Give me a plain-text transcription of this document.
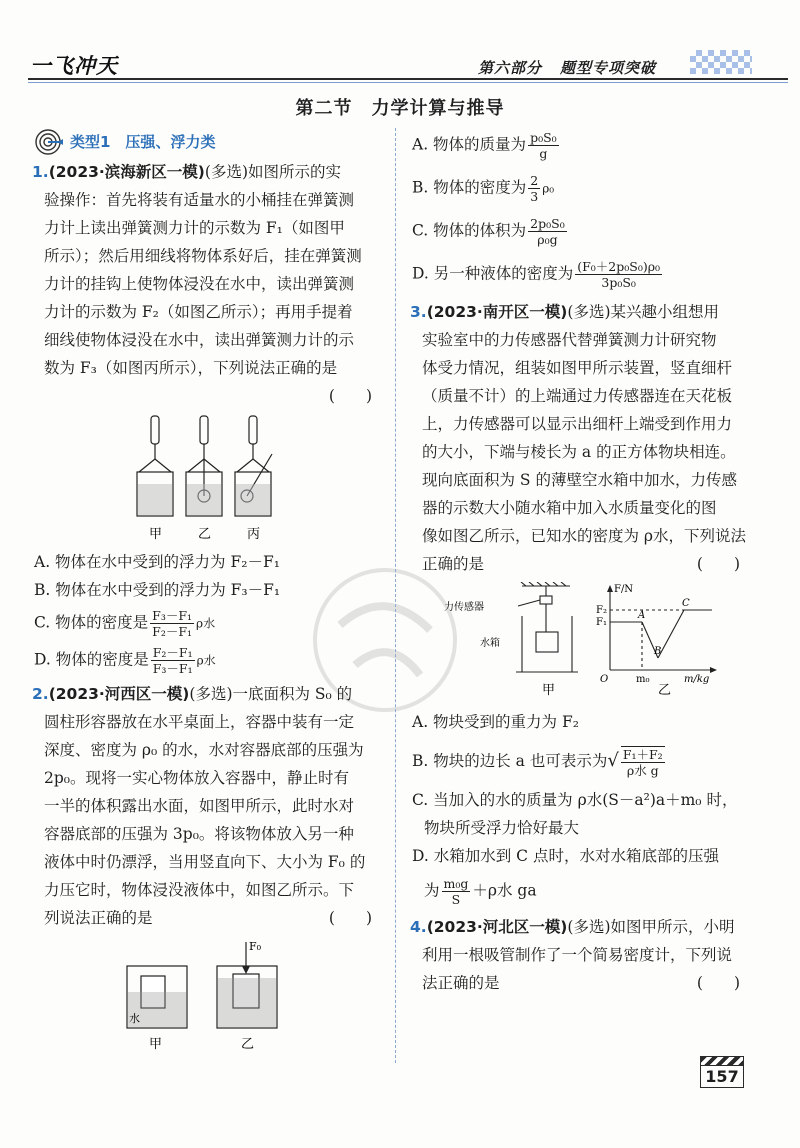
一飞冲天	第六部分 题型专项突破
第二节　力学计算与推导
类型1　压强、浮力类
1.(2023·滨海新区一模)(多选)如图所示的实
验操作：首先将装有适量水的小桶挂在弹簧测
力计上读出弹簧测力计的示数为 F₁（如图甲
所示）；然后用细线将物体系好后，挂在弹簧测
力计的挂钩上使物体浸没在水中，读出弹簧测
力计的示数为 F₂（如图乙所示）；再用手提着
细线使物体浸没在水中，读出弹簧测力计的示
数为 F₃（如图丙所示），下列说法正确的是
(　　)
甲	乙	丙
A. 物体在水中受到的浮力为 F₂－F₁
B. 物体在水中受到的浮力为 F₃－F₁
C. 物体的密度是 $\frac{\text{F₃－F₁}}{\text{F₂－F₁}}$ ρ水
D. 物体的密度是 $\frac{\text{F₂－F₁}}{\text{F₃－F₁}}$ ρ水
2.(2023·河西区一模)(多选)一底面积为 S₀ 的
圆柱形容器放在水平桌面上，容器中装有一定
深度、密度为 ρ₀ 的水，水对容器底部的压强为
2p₀。现将一实心物体放入容器中，静止时有
一半的体积露出水面，如图甲所示，此时水对
容器底部的压强为 3p₀。将该物体放入另一种
液体中时仍漂浮，当用竖直向下、大小为 F₀ 的
力压它时，物体浸没液体中，如图乙所示。下
列说法正确的是	(　　)
F₀
水
甲	乙
A. 物体的质量为 $\frac{\text{p₀S₀}}{g}$
B. 物体的密度为 $\frac{2}{3} \rho_0$
C. 物体的体积为 $\frac{\text{2p₀S₀}}{\text{ρ₀g}}$
D. 另一种液体的密度为 $\frac{\text{(F₀＋2p₀S₀)ρ₀}}{\text{3p₀S₀}}$
3.(2023·南开区一模)(多选)某兴趣小组想用
实验室中的力传感器代替弹簧测力计研究物
体受力情况，组装如图甲所示装置，竖直细杆
（质量不计）的上端通过力传感器连在天花板
上，力传感器可以显示出细杆上端受到作用力
的大小，下端与棱长为 a 的正方体物块相连。
现向底面积为 S 的薄壁空水箱中加水，力传感
器的示数大小随水箱中加入水质量变化的图
像如图乙所示，已知水的密度为 ρ水，下列说法
正确的是	(　　)
力传感器
水箱
甲	乙
F/N
m/kg
F₂
F₁
O	m₀
A
B
C
A. 物块受到的重力为 F₂
B. 物块的边长 a 也可表示为√ $\frac{\text{F₁＋F₂}}{\text{ρ水 g}}$
C. 当加入的水的质量为 ρ水(S－a²)a＋m₀ 时，
物块所受浮力恰好最大
D. 水箱加水到 C 点时，水对水箱底部的压强
为 $\frac{\text{m₀g}}{S} +\rho$水 ga
4.(2023·河北区一模)(多选)如图甲所示，小明
利用一根吸管制作了一个简易密度计，下列说
法正确的是	(　　)
157
